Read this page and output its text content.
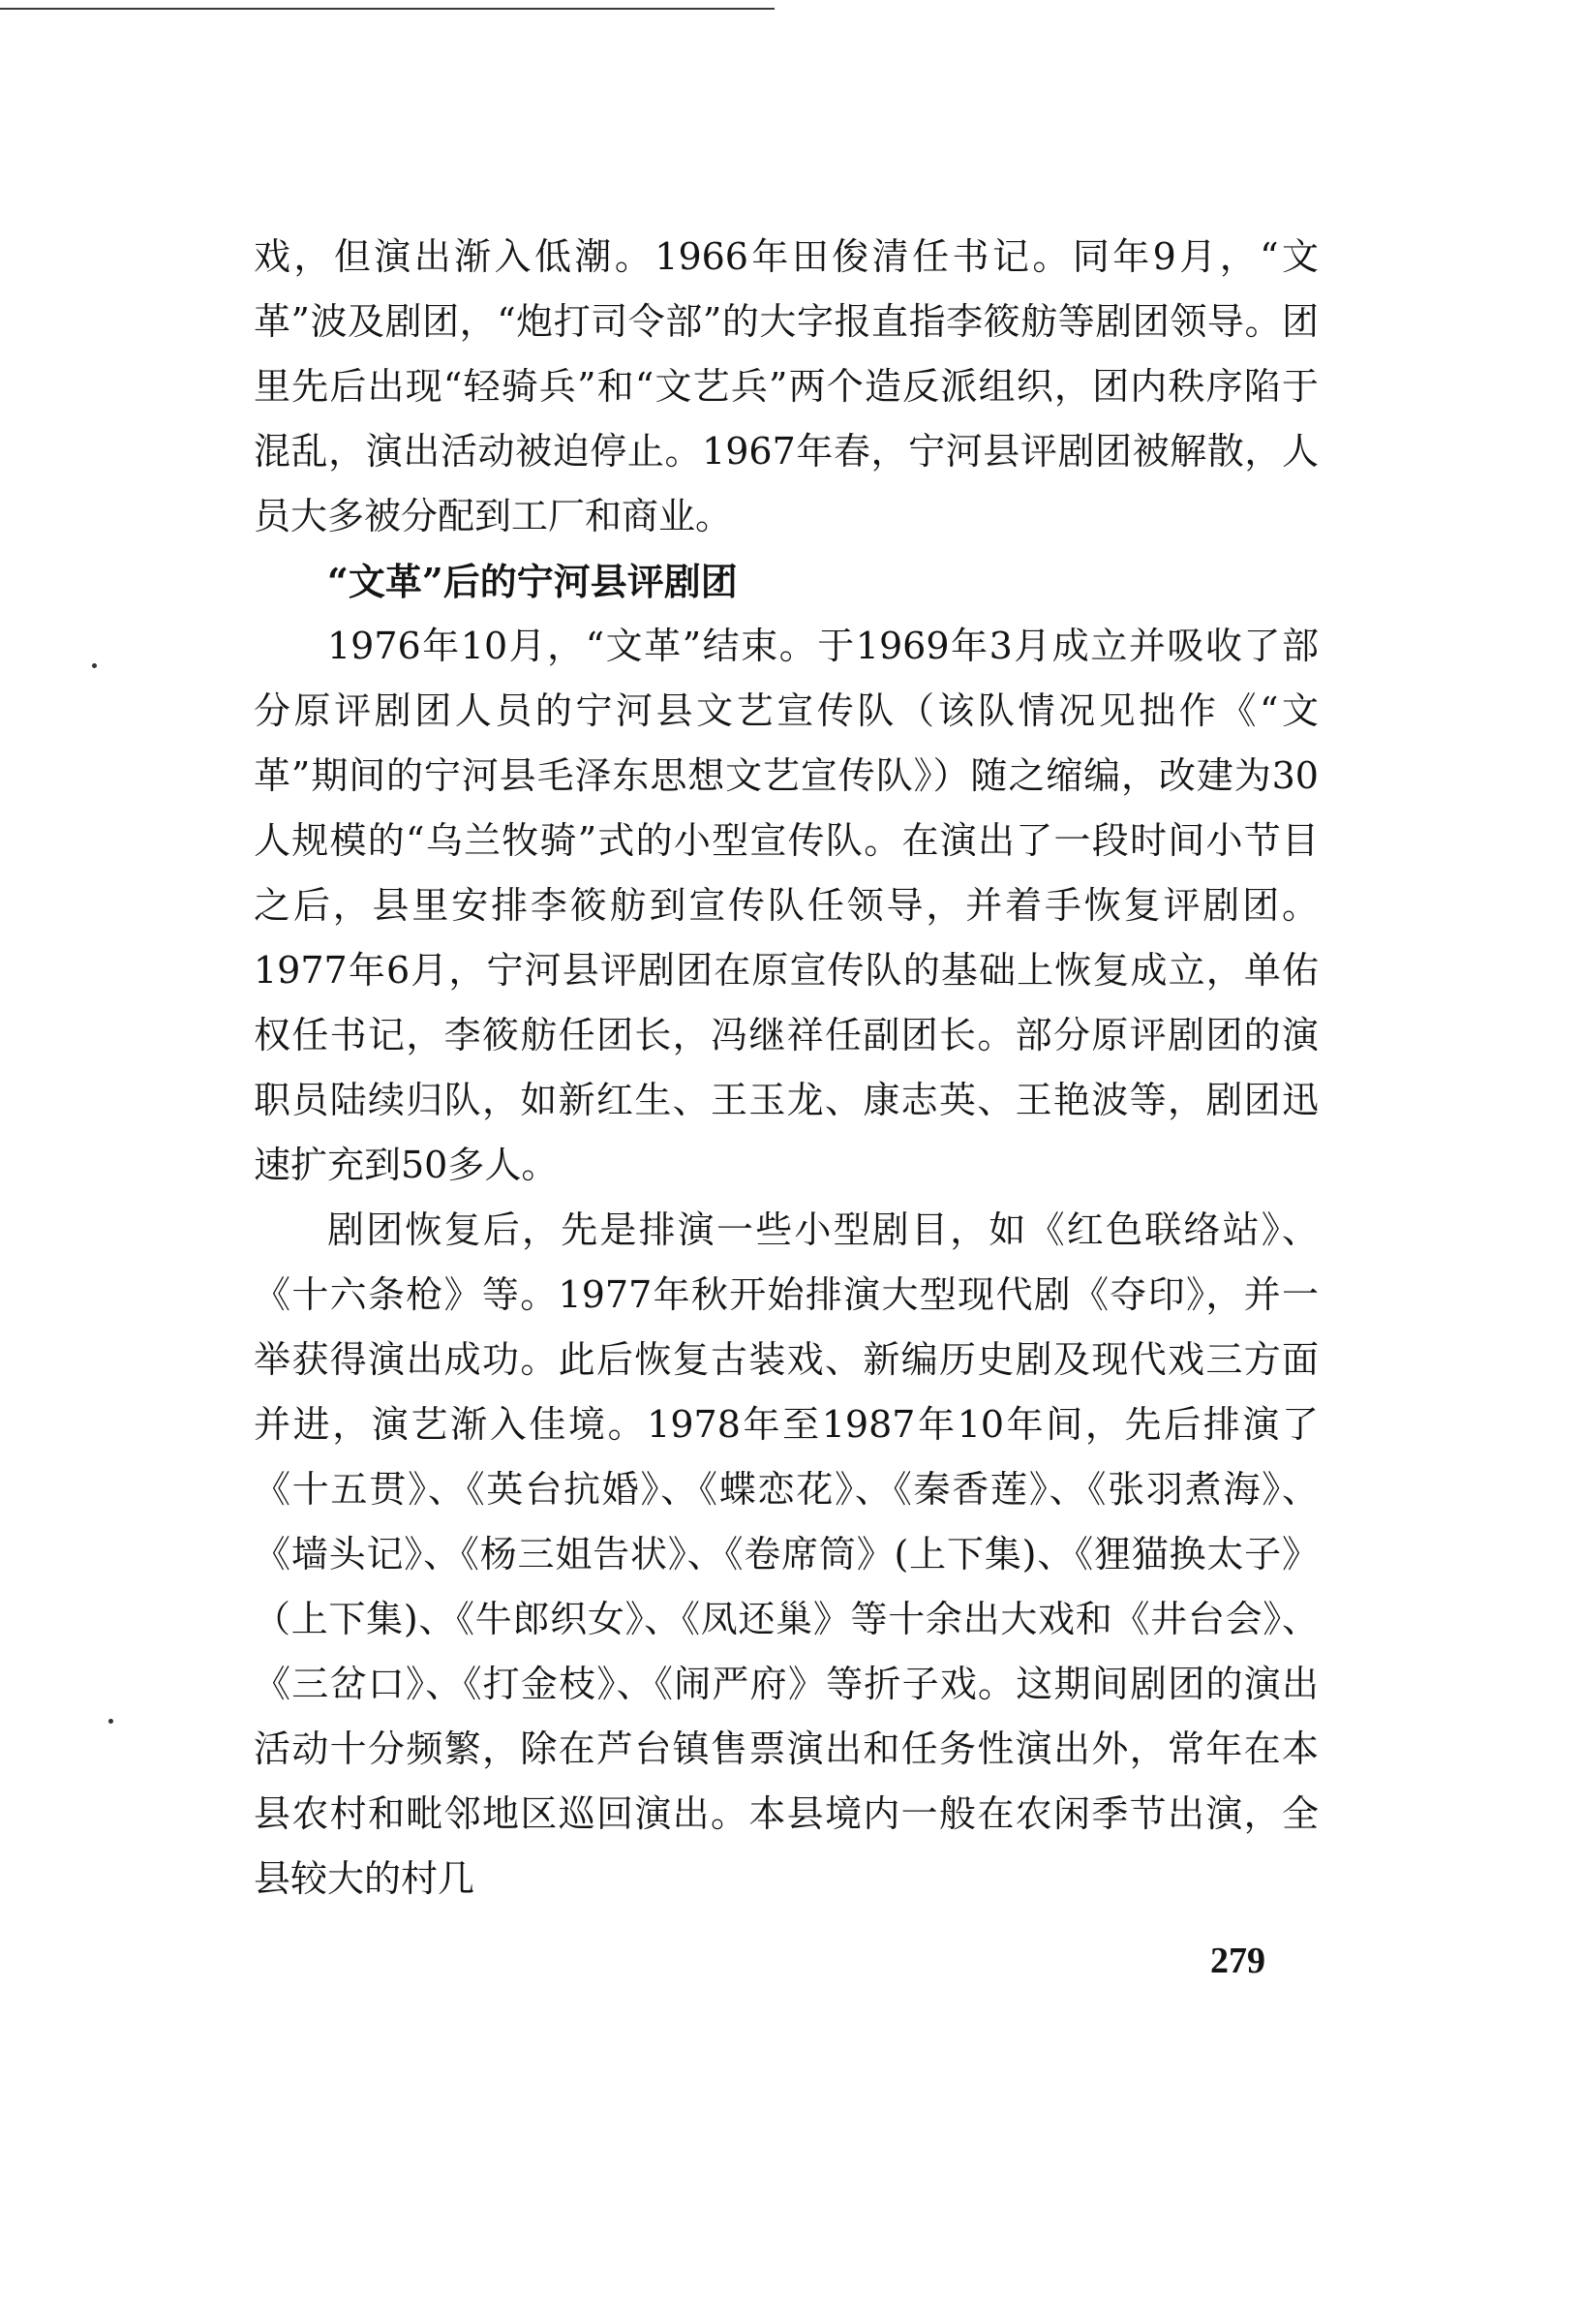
戏，但演出渐入低潮。1966年田俊清任书记。同年9月，“文革”波及剧团，“炮打司令部”的大字报直指李筱舫等剧团领导。团里先后出现“轻骑兵”和“文艺兵”两个造反派组织，团内秩序陷于混乱，演出活动被迫停止。1967年春，宁河县评剧团被解散，人员大多被分配到工厂和商业。

“文革”后的宁河县评剧团

1976年10月，“文革”结束。于1969年3月成立并吸收了部分原评剧团人员的宁河县文艺宣传队（该队情况见拙作《“文革”期间的宁河县毛泽东思想文艺宣传队》）随之缩编，改建为30人规模的“乌兰牧骑”式的小型宣传队。在演出了一段时间小节目之后，县里安排李筱舫到宣传队任领导，并着手恢复评剧团。1977年6月，宁河县评剧团在原宣传队的基础上恢复成立，单佑权任书记，李筱舫任团长，冯继祥任副团长。部分原评剧团的演职员陆续归队，如新红生、王玉龙、康志英、王艳波等，剧团迅速扩充到50多人。

剧团恢复后，先是排演一些小型剧目，如《红色联络站》、《十六条枪》等。1977年秋开始排演大型现代剧《夺印》，并一举获得演出成功。此后恢复古装戏、新编历史剧及现代戏三方面并进，演艺渐入佳境。1978年至1987年10年间，先后排演了《十五贯》、《英台抗婚》、《蝶恋花》、《秦香莲》、《张羽煮海》、《墙头记》、《杨三姐告状》、《卷席筒》(上下集)、《狸猫换太子》（上下集)、《牛郎织女》、《凤还巢》等十余出大戏和《井台会》、《三岔口》、《打金枝》、《闹严府》等折子戏。这期间剧团的演出活动十分频繁，除在芦台镇售票演出和任务性演出外，常年在本县农村和毗邻地区巡回演出。本县境内一般在农闲季节出演，全县较大的村几

279
